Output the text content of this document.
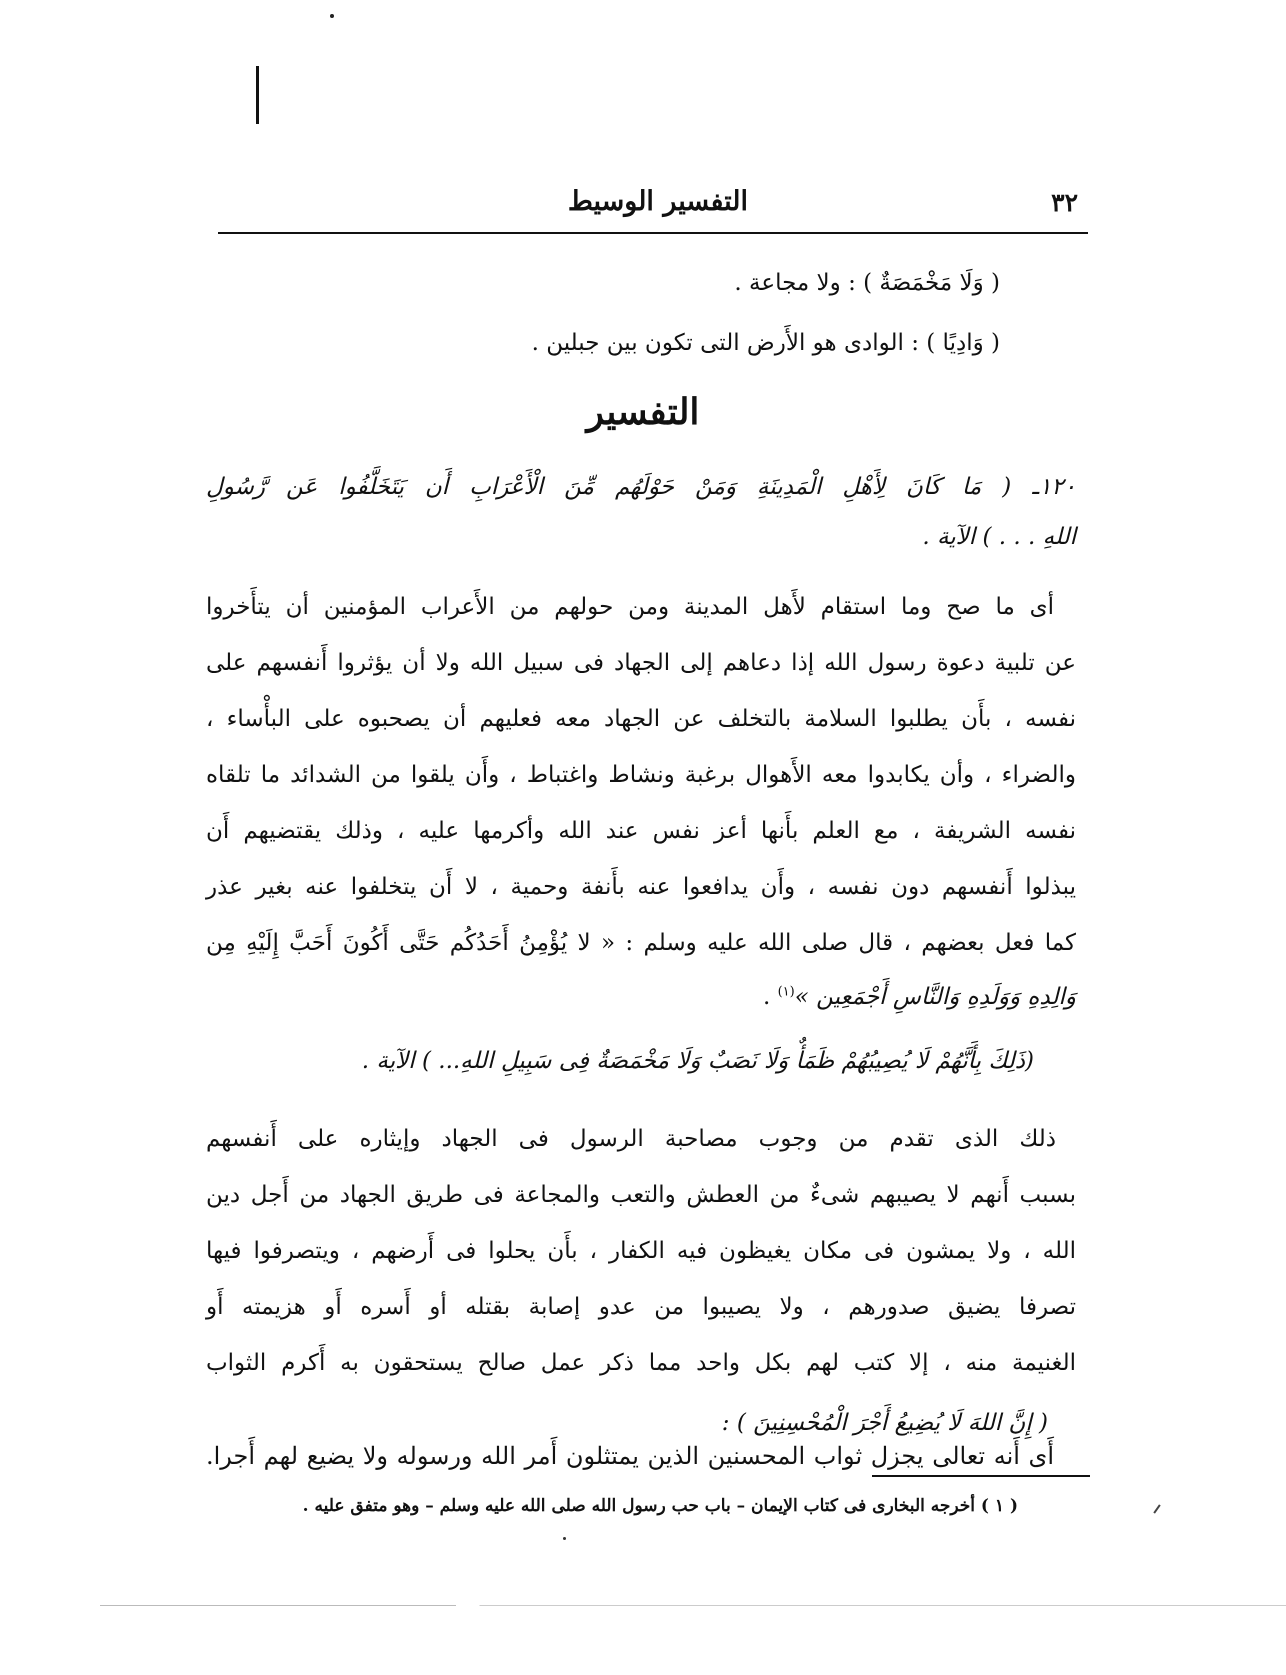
٣٢
التفسير الوسيط
( وَلَا مَخْمَصَةٌ ) : ولا مجاعة .
( وَادِيًا ) : الوادى هو الأَرض التى تكون بين جبلين .
التفسير
١٢٠ـ ( مَا كَانَ لِأَهْلِ الْمَدِينَةِ وَمَنْ حَوْلَهُم مِّنَ الْأَعْرَابِ أَن يَتَخَلَّفُوا عَن رَّسُولِ
اللهِ . . . ) الآية .
أى ما صح وما استقام لأَهل المدينة ومن حولهم من الأَعراب المؤمنين أن يتأَخروا
عن تلبية دعوة رسول الله إذا دعاهم إلى الجهاد فى سبيل الله ولا أن يؤثروا أَنفسهم على
نفسه ، بأَن يطلبوا السلامة بالتخلف عن الجهاد معه فعليهم أن يصحبوه على البأْساء ،
والضراء ، وأن يكابدوا معه الأَهوال برغبة ونشاط واغتباط ، وأَن يلقوا من الشدائد ما تلقاه
نفسه الشريفة ، مع العلم بأَنها أعز نفس عند الله وأكرمها عليه ، وذلك يقتضيهم أَن
يبذلوا أَنفسهم دون نفسه ، وأَن يدافعوا عنه بأَنفة وحمية ، لا أَن يتخلفوا عنه بغير عذر
كما فعل بعضهم ، قال صلى الله عليه وسلم : « لا يُؤْمِنُ أَحَدُكُم حَتَّى أَكُونَ أَحَبَّ إِلَيْهِ مِن
وَالِدِهِ وَوَلَدِهِ وَالنَّاسِ أَجْمَعِين »$^{(١)}$ .
(ذَلِكَ بِأَنَّهُمْ لَا يُصِيبُهُمْ ظَمَأٌ وَلَا نَصَبٌ وَلَا مَخْمَصَةٌ فِى سَبِيلِ اللهِ... ) الآية .
ذلك الذى تقدم من وجوب مصاحبة الرسول فى الجهاد وإيثاره على أَنفسهم
بسبب أَنهم لا يصيبهم شىءٌ من العطش والتعب والمجاعة فى طريق الجهاد من أَجل دين
الله ، ولا يمشون فى مكان يغيظون فيه الكفار ، بأَن يحلوا فى أَرضهم ، ويتصرفوا فيها
تصرفا يضيق صدورهم ، ولا يصيبوا من عدو إصابة بقتله أو أَسره أَو هزيمته أَو
الغنيمة منه ، إلا كتب لهم بكل واحد مما ذكر عمل صالح يستحقون به أَكرم الثواب
( إِنَّ اللهَ لَا يُضِيعُ أَجْرَ الْمُحْسِنِينَ ) :
أَى أَنه تعالى يجزل ثواب المحسنين الذين يمتثلون أَمر الله ورسوله ولا يضيع لهم أَجرا.
( ١ ) أخرجه البخارى فى كتاب الإيمان – باب حب رسول الله صلى الله عليه وسلم – وهو متفق عليه .
